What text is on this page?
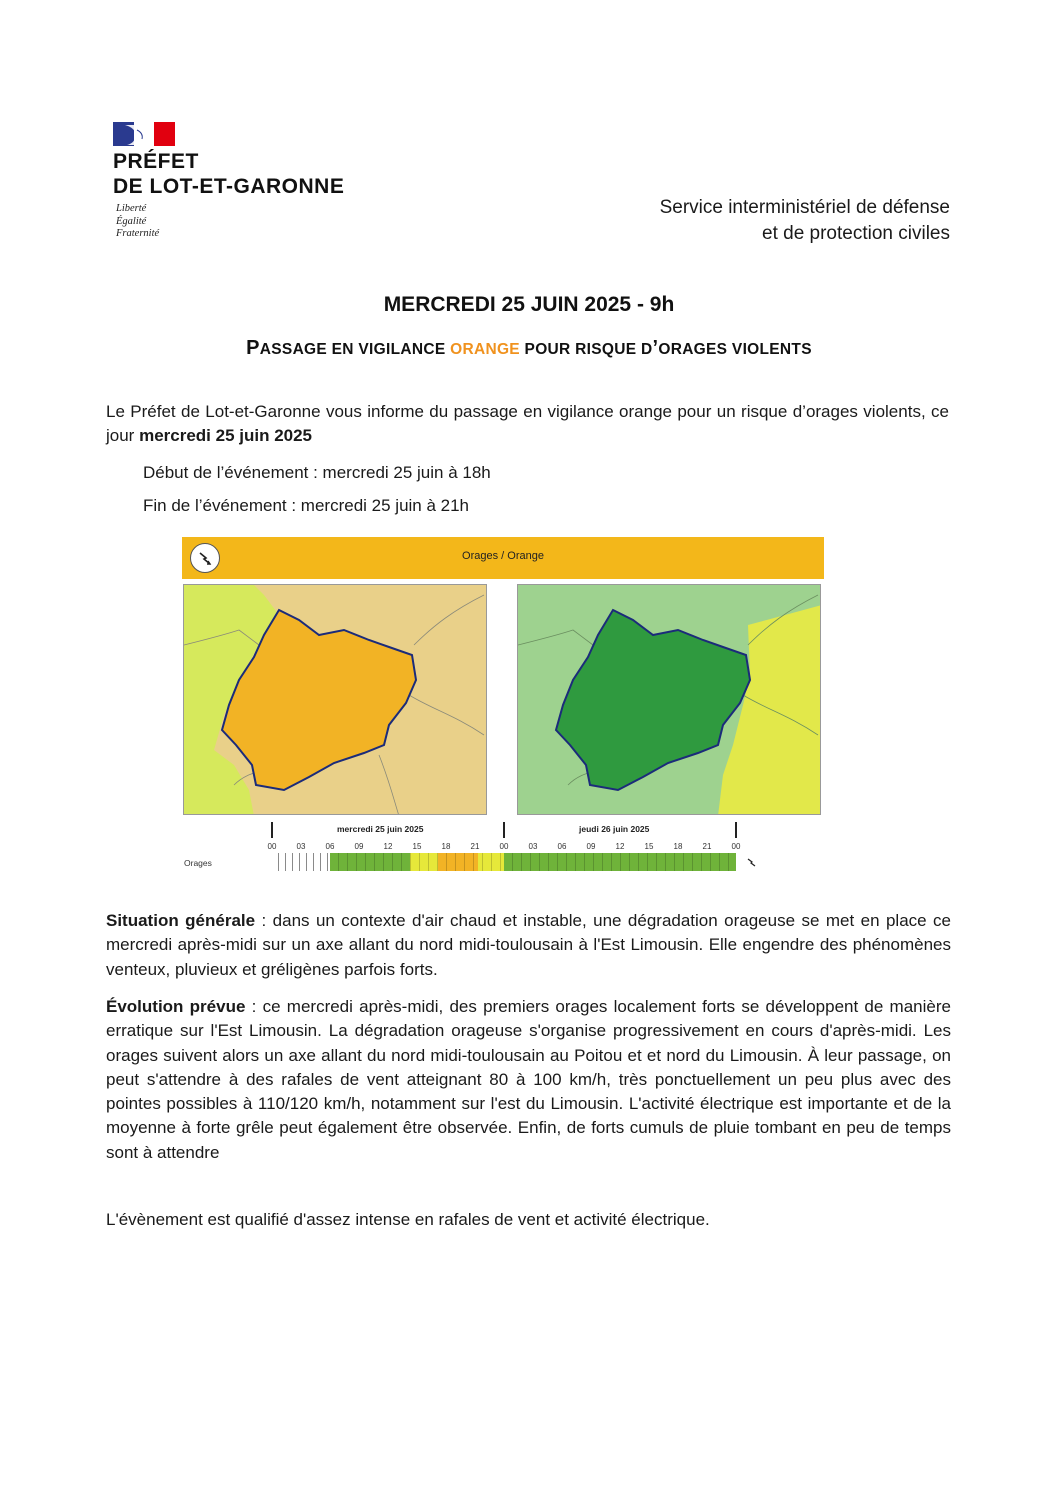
PRÉFET
DE LOT-ET-GARONNE
Liberté
Égalité
Fraternité
Service interministériel de défense
et de protection civiles
MERCREDI 25 JUIN 2025 - 9h
PASSAGE EN VIGILANCE ORANGE POUR RISQUE D’ORAGES VIOLENTS
Le Préfet de Lot-et-Garonne vous informe du passage en vigilance orange pour un risque d’orages violents, ce jour mercredi 25 juin 2025
Début de l’événement : mercredi 25 juin à 18h
Fin de l’événement : mercredi 25 juin à 21h
Orages / Orange
mercredi 25 juin 2025	jeudi 26 juin 2025
00	03	06	09	12	15	18	21	00	03	06	09	12	15	18	21	00
Orages
Situation générale : dans un contexte d'air chaud et instable, une dégradation orageuse se met en place ce mercredi après-midi sur un axe allant du nord midi-toulousain à l'Est Limousin. Elle engendre des phénomènes venteux, pluvieux et gréligènes parfois forts.
Évolution prévue : ce mercredi après-midi, des premiers orages localement forts se développent de manière erratique sur l'Est Limousin. La dégradation orageuse s'organise progressivement en cours d'après-midi. Les orages suivent alors un axe allant du nord midi-toulousain au Poitou et et nord du Limousin. À leur passage, on peut s'attendre à des rafales de vent atteignant 80 à 100 km/h, très ponctuellement un peu plus avec des pointes possibles à 110/120 km/h, notamment sur l'est du Limousin. L'activité électrique est importante et de la moyenne à forte grêle peut également être observée. Enfin, de forts cumuls de pluie tombant en peu de temps sont à attendre
L'évènement est qualifié d'assez intense en rafales de vent et activité électrique.
